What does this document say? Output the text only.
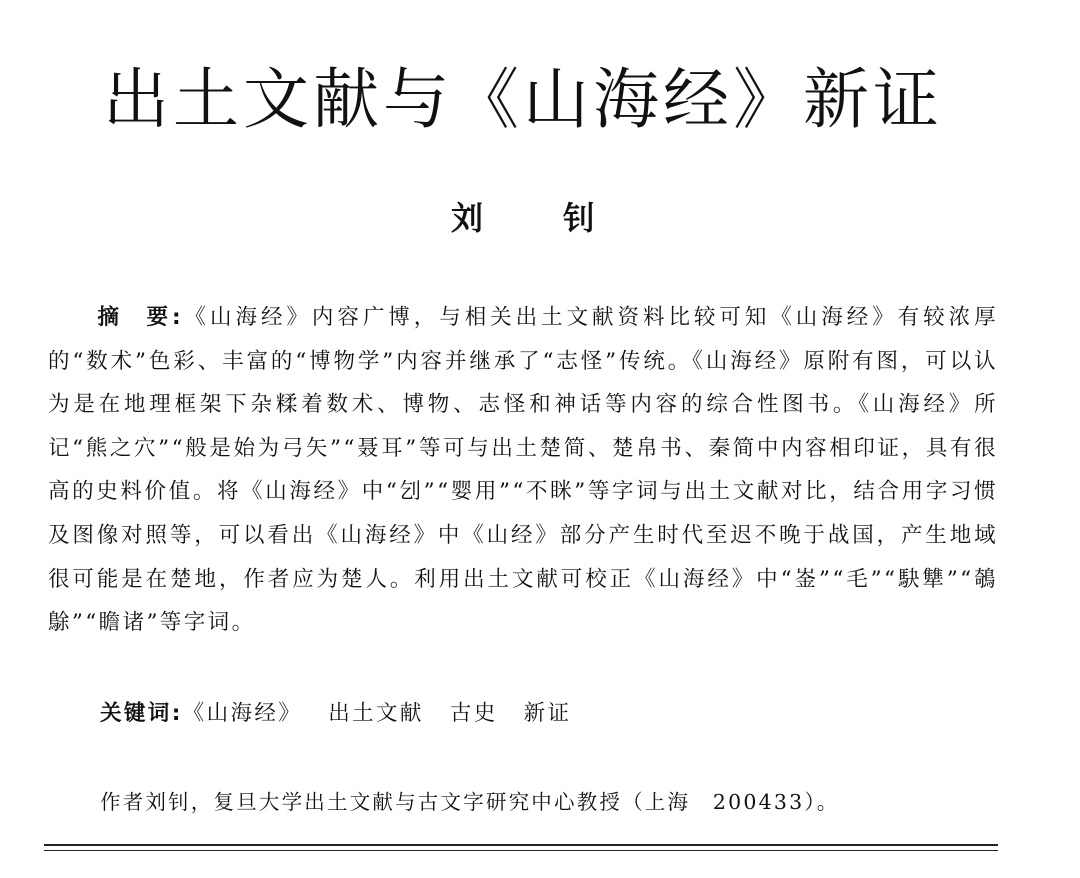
出土文献与《山海经》新证
刘	钊

摘 要:《山海经》内容广博，与相关出土文献资料比较可知《山海经》有较浓厚的“数术”色彩、丰富的“博物学”内容并继承了“志怪”传统。《山海经》原附有图，可以认为是在地理框架下杂糅着数术、博物、志怪和神话等内容的综合性图书。《山海经》所记“熊之穴”“般是始为弓矢”“聂耳”等可与出土楚简、楚帛书、秦简中内容相印证，具有很高的史料价值。将《山海经》中“刉”“婴用”“不眯”等字词与出土文献对比，结合用字习惯及图像对照等，可以看出《山海经》中《山经》部分产生时代至迟不晚于战国，产生地域很可能是在楚地，作者应为楚人。利用出土文献可校正《山海经》中“崟”“毛”“駃犨”“鵸鵌”“瞻诸”等字词。

关键词:《山海经》 出土文献 古史 新证

作者刘钊，复旦大学出土文献与古文字研究中心教授（上海　200433）。
